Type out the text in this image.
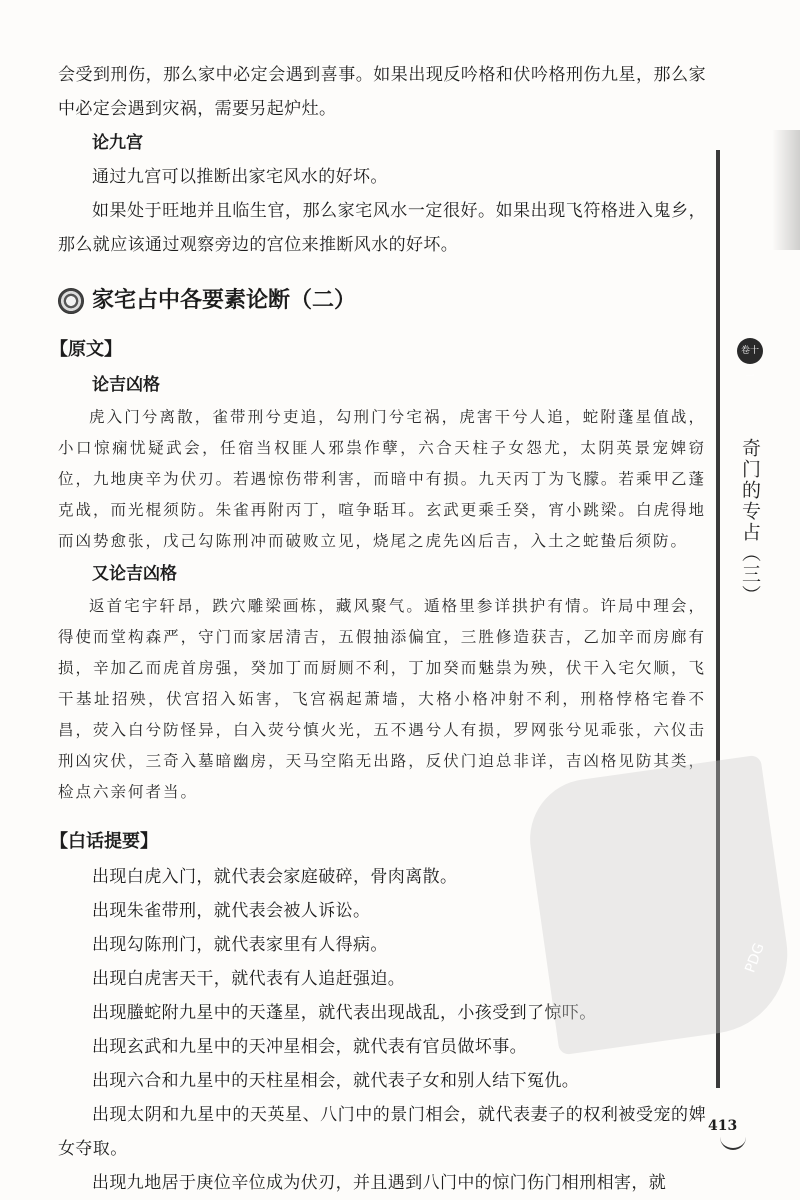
会受到刑伤，那么家中必定会遇到喜事。如果出现反吟格和伏吟格刑伤九星，那么家中必定会遇到灾祸，需要另起炉灶。

论九宫

通过九宫可以推断出家宅风水的好坏。

如果处于旺地并且临生官，那么家宅风水一定很好。如果出现飞符格进入鬼乡，那么就应该通过观察旁边的宫位来推断风水的好坏。

家宅占中各要素论断（二）
【原文】

论吉凶格

虎入门兮离散，雀带刑兮吏追，勾刑门兮宅祸，虎害干兮人追，蛇附蓬星值战，小口惊痫忧疑武会，任宿当权匪人邪祟作孽，六合天柱子女怨尤，太阴英景宠婢窃位，九地庚辛为伏刃。若遇惊伤带利害，而暗中有损。九天丙丁为飞朦。若乘甲乙蓬克战，而光棍须防。朱雀再附丙丁，喧争聒耳。玄武更乘壬癸，宵小跳梁。白虎得地而凶势愈张，戊己勾陈刑冲而破败立见，烧尾之虎先凶后吉，入土之蛇蛰后须防。

又论吉凶格

返首宅宇轩昂，跌穴雕梁画栋，藏风聚气。遁格里参详拱护有情。许局中理会，得使而堂构森严，守门而家居清吉，五假抽添偏宜，三胜修造获吉，乙加辛而房廊有损，辛加乙而虎首房强，癸加丁而厨厕不利，丁加癸而魅祟为殃，伏干入宅欠顺，飞干基址招殃，伏宫招入妬害，飞宫祸起萧墙，大格小格冲射不利，刑格悖格宅眷不昌，荧入白兮防怪异，白入荧兮慎火光，五不遇兮人有损，罗网张兮见乖张，六仪击刑凶灾伏，三奇入墓暗幽房，天马空陷无出路，反伏门迫总非详，吉凶格见防其类，检点六亲何者当。

【白话提要】

出现白虎入门，就代表会家庭破碎，骨肉离散。

出现朱雀带刑，就代表会被人诉讼。

出现勾陈刑门，就代表家里有人得病。

出现白虎害天干，就代表有人追赶强迫。

出现螣蛇附九星中的天蓬星，就代表出现战乱，小孩受到了惊吓。

出现玄武和九星中的天冲星相会，就代表有官员做坏事。

出现六合和九星中的天柱星相会，就代表子女和别人结下冤仇。

出现太阴和九星中的天英星、八门中的景门相会，就代表妻子的权利被受宠的婢女夺取。

出现九地居于庚位辛位成为伏刃，并且遇到八门中的惊门伤门相刑相害，就

卷十一
奇门的专占（三）
PDG
413
